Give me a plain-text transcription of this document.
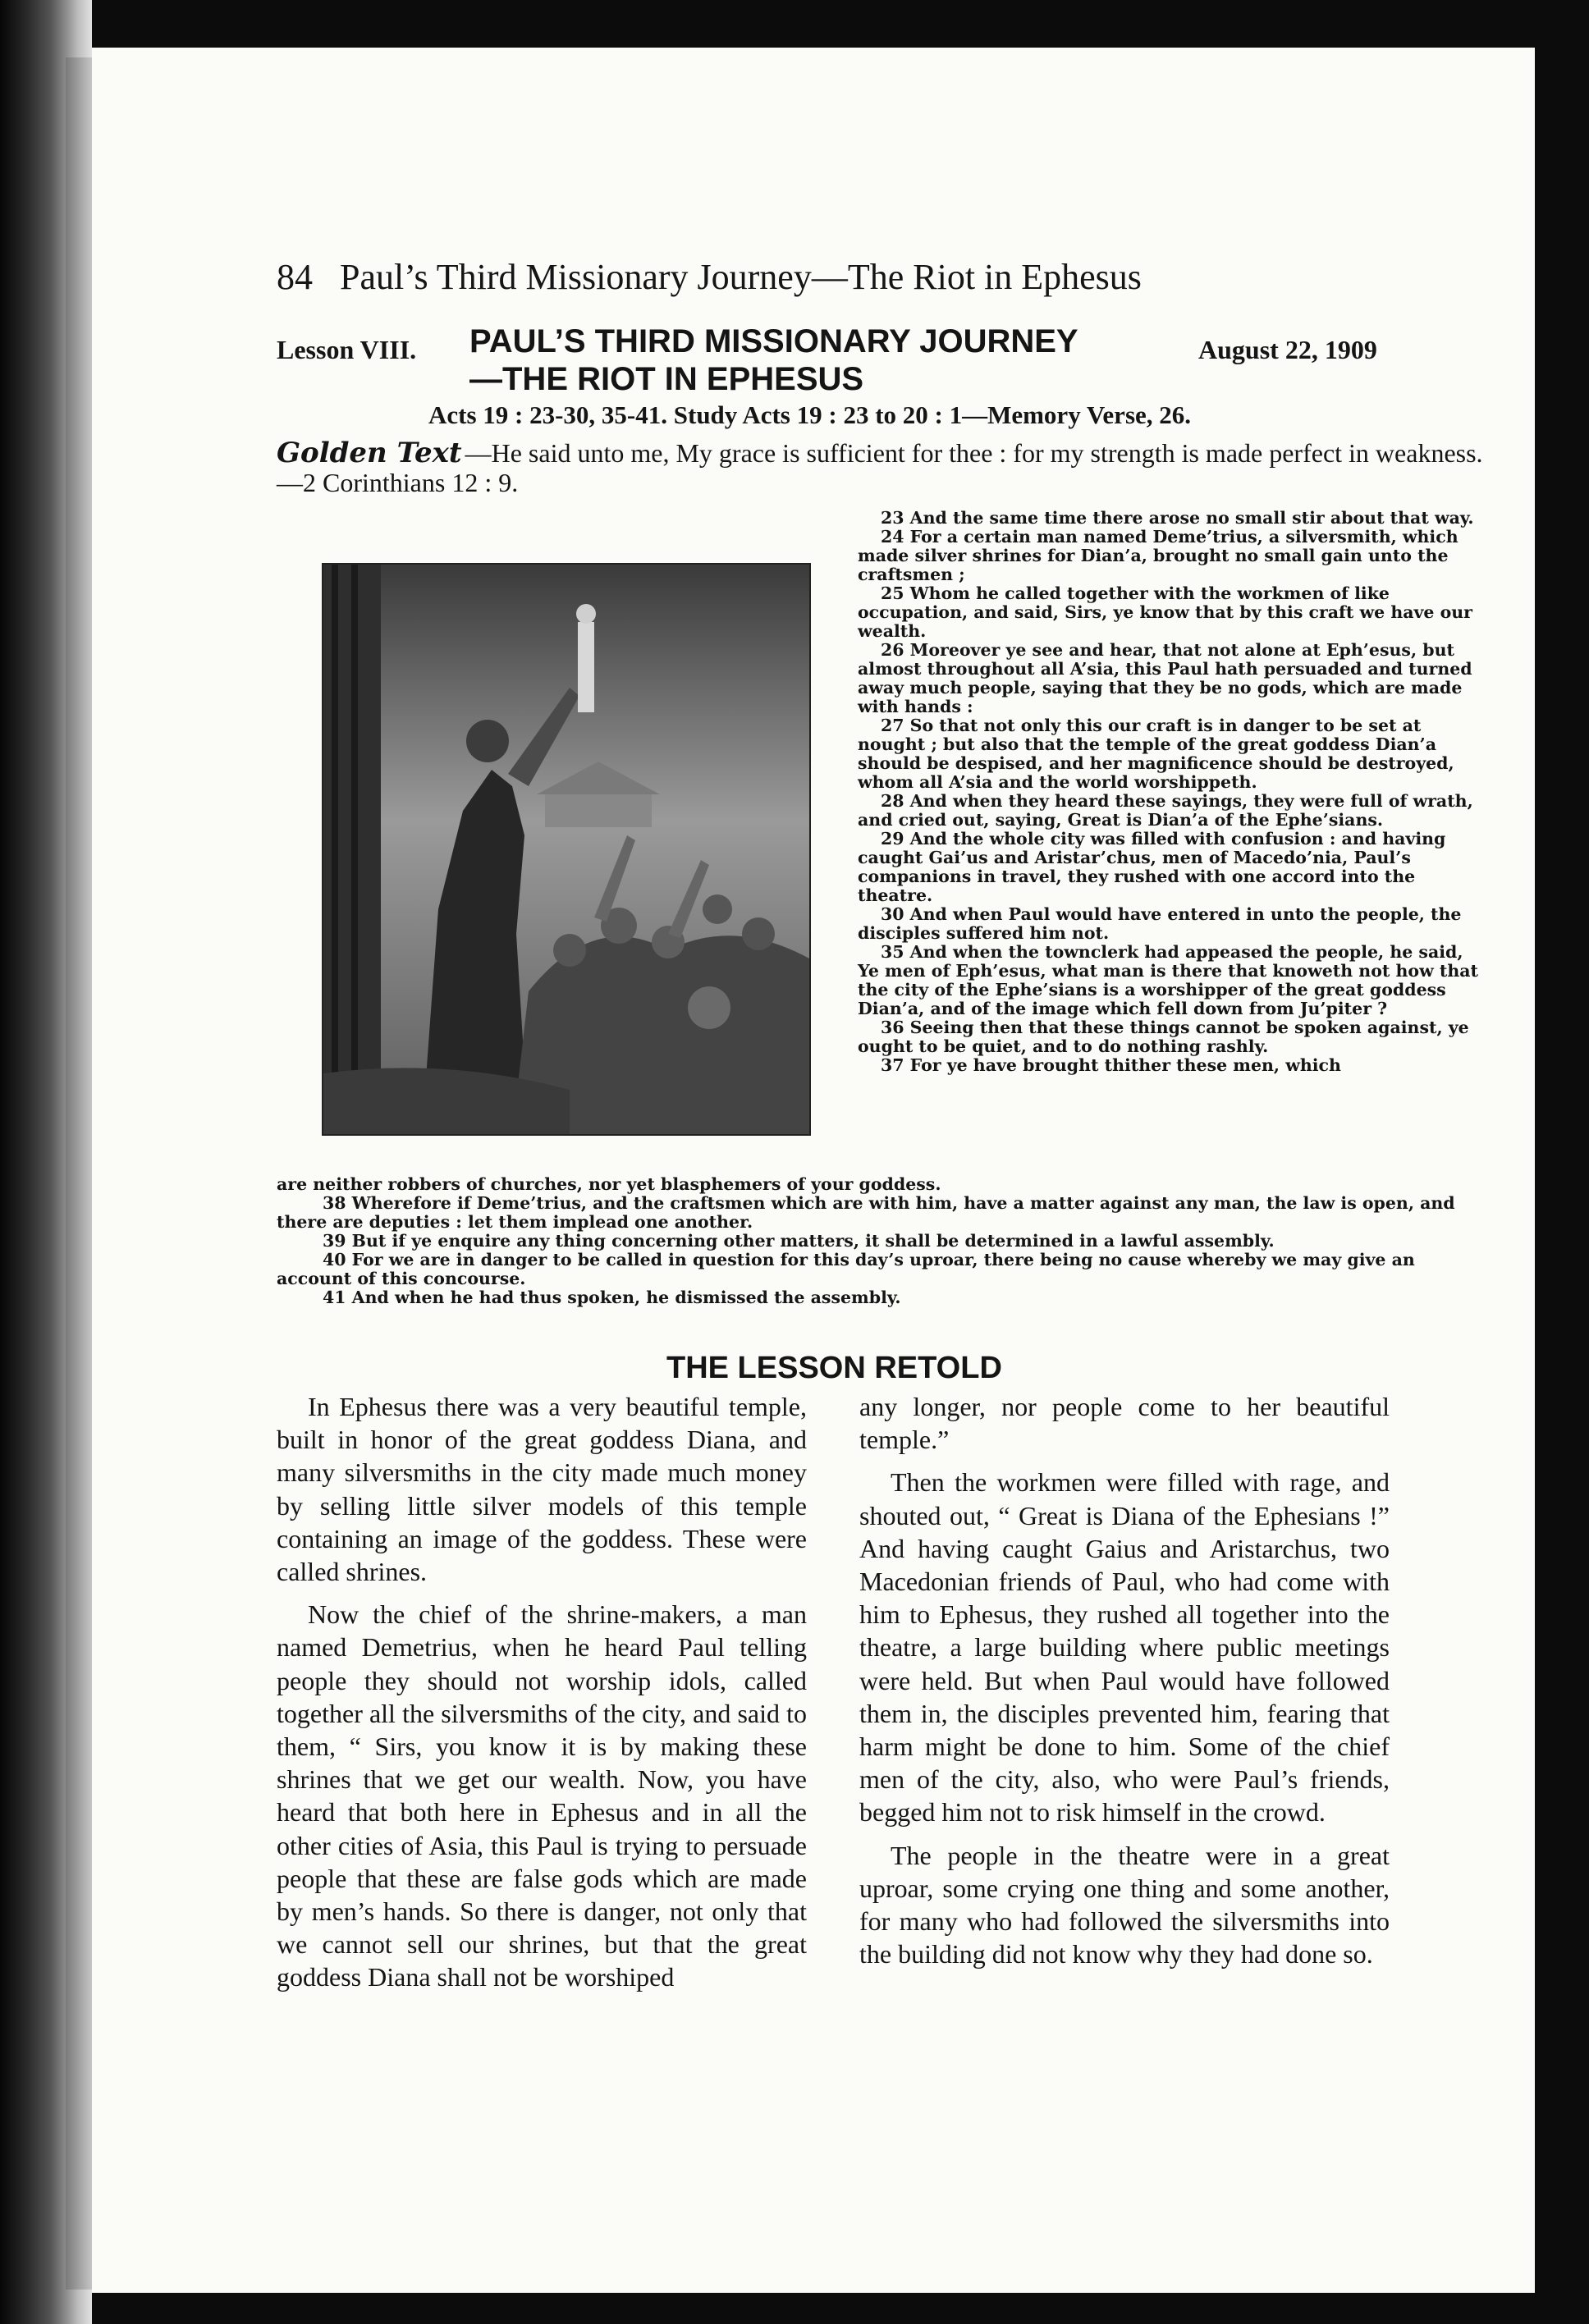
84 Paul’s Third Missionary Journey—The Riot in Ephesus
Lesson VIII. PAUL’S THIRD MISSIONARY JOURNEY
—THE RIOT IN EPHESUS
August 22, 1909
Acts 19 : 23-30, 35-41. Study Acts 19 : 23 to 20 : 1—Memory Verse, 26.
Golden Text —He said unto me, My grace is sufficient for thee : for my strength is made perfect in weakness.—2 Corinthians 12 : 9.

23 And the same time there arose no small stir about that way.

24 For a certain man named Deme’trius, a silversmith, which made silver shrines for Dian’a, brought no small gain unto the craftsmen ;

25 Whom he called together with the workmen of like occupation, and said, Sirs, ye know that by this craft we have our wealth.

26 Moreover ye see and hear, that not alone at Eph’esus, but almost throughout all A’sia, this Paul hath persuaded and turned away much people, saying that they be no gods, which are made with hands :

27 So that not only this our craft is in danger to be set at nought ; but also that the temple of the great goddess Dian’a should be despised, and her magnificence should be destroyed, whom all A’sia and the world worshippeth.

28 And when they heard these sayings, they were full of wrath, and cried out, saying, Great is Dian’a of the Ephe’sians.

29 And the whole city was filled with confusion : and having caught Gai’us and Aristar’chus, men of Macedo’nia, Paul’s companions in travel, they rushed with one accord into the theatre.

30 And when Paul would have entered in unto the people, the disciples suffered him not.

35 And when the townclerk had appeased the people, he said, Ye men of Eph’esus, what man is there that knoweth not how that the city of the Ephe’sians is a worshipper of the great goddess Dian’a, and of the image which fell down from Ju’piter ?

36 Seeing then that these things cannot be spoken against, ye ought to be quiet, and to do nothing rashly.

37 For ye have brought thither these men, which

are neither robbers of churches, nor yet blasphemers of your goddess.

38 Wherefore if Deme’trius, and the craftsmen which are with him, have a matter against any man, the law is open, and there are deputies : let them implead one another.

39 But if ye enquire any thing concerning other matters, it shall be determined in a lawful assembly.

40 For we are in danger to be called in question for this day’s uproar, there being no cause whereby we may give an account of this concourse.

41 And when he had thus spoken, he dismissed the assembly.

THE LESSON RETOLD

In Ephesus there was a very beautiful temple, built in honor of the great goddess Diana, and many silversmiths in the city made much money by selling little silver models of this temple containing an image of the goddess. These were called shrines.

Now the chief of the shrine-makers, a man named Demetrius, when he heard Paul telling people they should not worship idols, called together all the silversmiths of the city, and said to them, “ Sirs, you know it is by making these shrines that we get our wealth. Now, you have heard that both here in Ephesus and in all the other cities of Asia, this Paul is trying to persuade people that these are false gods which are made by men’s hands. So there is danger, not only that we cannot sell our shrines, but that the great goddess Diana shall not be worshiped

any longer, nor people come to her beautiful temple.”

Then the workmen were filled with rage, and shouted out, “ Great is Diana of the Ephesians !” And having caught Gaius and Aristarchus, two Macedonian friends of Paul, who had come with him to Ephesus, they rushed all together into the theatre, a large building where public meetings were held. But when Paul would have followed them in, the disciples prevented him, fearing that harm might be done to him. Some of the chief men of the city, also, who were Paul’s friends, begged him not to risk himself in the crowd.

The people in the theatre were in a great uproar, some crying one thing and some another, for many who had followed the silversmiths into the building did not know why they had done so.
